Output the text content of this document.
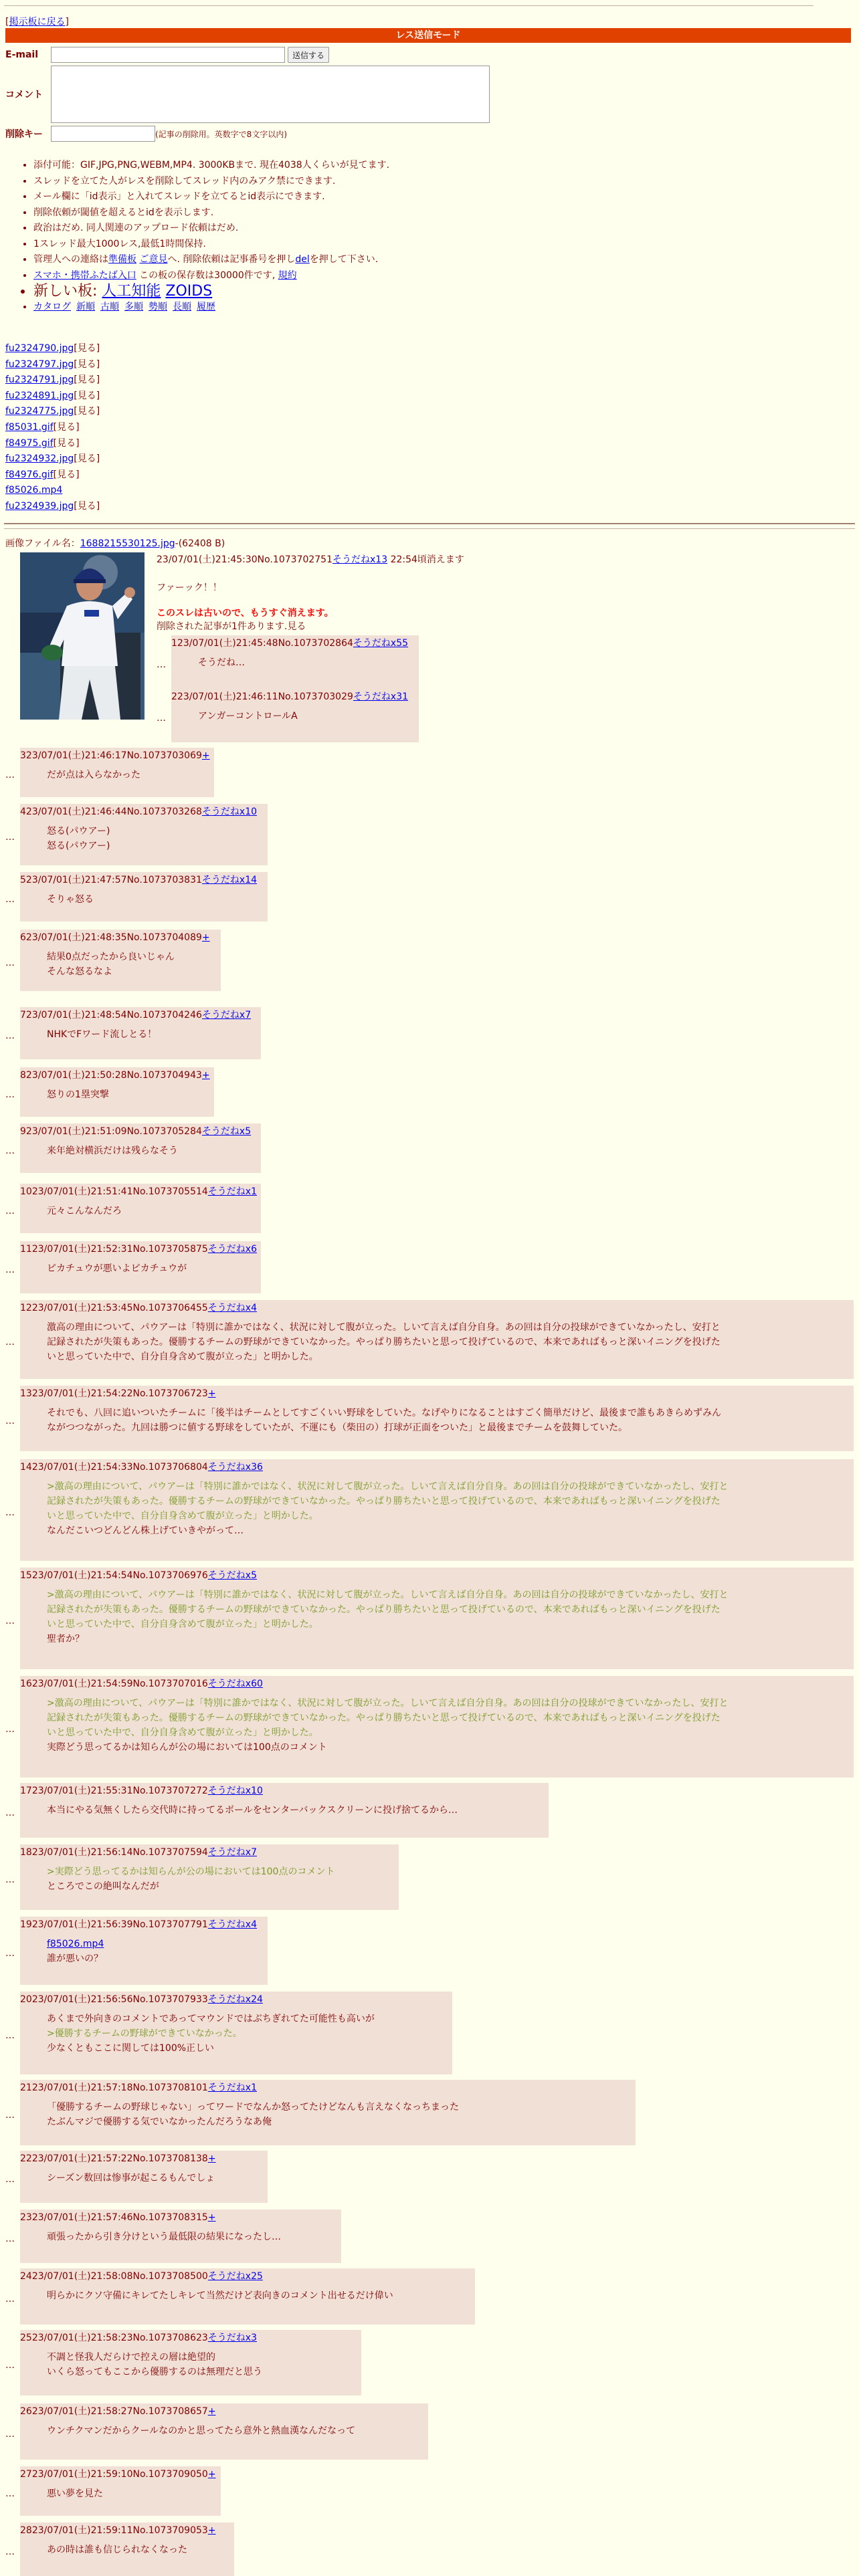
[掲示板に戻る]
レス送信モード
E-mail	送信する
コメント
削除キー	(記事の削除用。英数字で8文字以内)
• 添付可能：GIF,JPG,PNG,WEBM,MP4. 3000KBまで. 現在4038人くらいが見てます.
• スレッドを立てた人がレスを削除してスレッド内のみアク禁にできます.
• メール欄に「id表示」と入れてスレッドを立てるとid表示にできます.
• 削除依頼が閾値を超えるとidを表示します.
• 政治はだめ. 同人関連のアップロード依頼はだめ.
• 1スレッド最大1000レス,最低1時間保持.
• 管理人への連絡は準備板 ご意見へ. 削除依頼は記事番号を押しdelを押して下さい.
• スマホ・携帯ふたば入口 この板の保存数は30000件です, 規約
• 新しい板: 人工知能 ZOIDS
• カタログ 新順 古順 多順 勢順 長順 履歴
fu2324790.jpg[見る]
fu2324797.jpg[見る]
fu2324791.jpg[見る]
fu2324891.jpg[見る]
fu2324775.jpg[見る]
f85031.gif[見る]
f84975.gif[見る]
fu2324932.jpg[見る]
f84976.gif[見る]
f85026.mp4
fu2324939.jpg[見る]
画像ファイル名：1688215530125.jpg-(62408 B)
23/07/01(土)21:45:30No.1073702751そうだねx13 22:54頃消えます
ファーック！！
このスレは古いので、もうすぐ消えます。
削除された記事が1件あります.見る
123/07/01(土)21:45:48No.1073702864そうだねx55
そうだね…
…
223/07/01(土)21:46:11No.1073703029そうだねx31
アンガーコントロールA
…
323/07/01(土)21:46:17No.1073703069+
だが点は入らなかった
…
423/07/01(土)21:46:44No.1073703268そうだねx10
怒る(パウアー)
怒る(パウアー)
…
523/07/01(土)21:47:57No.1073703831そうだねx14
そりゃ怒る
…
623/07/01(土)21:48:35No.1073704089+
結果0点だったから良いじゃん
そんな怒るなよ
…
723/07/01(土)21:48:54No.1073704246そうだねx7
NHKでFワード流しとる！
…
823/07/01(土)21:50:28No.1073704943+
怒りの1塁突撃
…
923/07/01(土)21:51:09No.1073705284そうだねx5
来年絶対横浜だけは残らなそう
…
1023/07/01(土)21:51:41No.1073705514そうだねx1
元々こんなんだろ
…
1123/07/01(土)21:52:31No.1073705875そうだねx6
ピカチュウが悪いよピカチュウが
…
1223/07/01(土)21:53:45No.1073706455そうだねx4
激高の理由について、パウアーは「特別に誰かではなく、状況に対して腹が立った。しいて言えば自分自身。あの回は自分の投球ができていなかったし、安打と
記録されたが失策もあった。優勝するチームの野球ができていなかった。やっぱり勝ちたいと思って投げているので、本来であればもっと深いイニングを投げた
いと思っていた中で、自分自身含めて腹が立った」と明かした。
…
1323/07/01(土)21:54:22No.1073706723+
それでも、八回に追いついたチームに「後半はチームとしてすごくいい野球をしていた。なげやりになることはすごく簡単だけど、最後まで誰もあきらめずみん
ながつつながった。九回は勝つに値する野球をしていたが、不運にも（柴田の）打球が正面をついた」と最後までチームを鼓舞していた。
…
1423/07/01(土)21:54:33No.1073706804そうだねx36
>激高の理由について、パウアーは「特別に誰かではなく、状況に対して腹が立った。しいて言えば自分自身。あの回は自分の投球ができていなかったし、安打と
記録されたが失策もあった。優勝するチームの野球ができていなかった。やっぱり勝ちたいと思って投げているので、本来であればもっと深いイニングを投げた
いと思っていた中で、自分自身含めて腹が立った」と明かした。
なんだこいつどんどん株上げていきやがって…
…
1523/07/01(土)21:54:54No.1073706976そうだねx5
>激高の理由について、パウアーは「特別に誰かではなく、状況に対して腹が立った。しいて言えば自分自身。あの回は自分の投球ができていなかったし、安打と
記録されたが失策もあった。優勝するチームの野球ができていなかった。やっぱり勝ちたいと思って投げているので、本来であればもっと深いイニングを投げた
いと思っていた中で、自分自身含めて腹が立った」と明かした。
聖者か？
…
1623/07/01(土)21:54:59No.1073707016そうだねx60
>激高の理由について、パウアーは「特別に誰かではなく、状況に対して腹が立った。しいて言えば自分自身。あの回は自分の投球ができていなかったし、安打と
記録されたが失策もあった。優勝するチームの野球ができていなかった。やっぱり勝ちたいと思って投げているので、本来であればもっと深いイニングを投げた
いと思っていた中で、自分自身含めて腹が立った」と明かした。
実際どう思ってるかは知らんが公の場においては100点のコメント
…
1723/07/01(土)21:55:31No.1073707272そうだねx10
本当にやる気無くしたら交代時に持ってるボールをセンターバックスクリーンに投げ捨てるから…
…
1823/07/01(土)21:56:14No.1073707594そうだねx7
>実際どう思ってるかは知らんが公の場においては100点のコメント
ところでこの絶叫なんだが
…
1923/07/01(土)21:56:39No.1073707791そうだねx4
f85026.mp4
誰が悪いの？
…
2023/07/01(土)21:56:56No.1073707933そうだねx24
あくまで外向きのコメントであってマウンドではぶちぎれてた可能性も高いが
>優勝するチームの野球ができていなかった。
少なくともここに関しては100%正しい
…
2123/07/01(土)21:57:18No.1073708101そうだねx1
「優勝するチームの野球じゃない」ってワードでなんか怒ってたけどなんも言えなくなっちまった
たぶんマジで優勝する気でいなかったんだろうなあ俺
…
2223/07/01(土)21:57:22No.1073708138+
シーズン数回は惨事が起こるもんでしょ
…
2323/07/01(土)21:57:46No.1073708315+
頑張ったから引き分けという最低限の結果になったし…
…
2423/07/01(土)21:58:08No.1073708500そうだねx25
明らかにクソ守備にキレてたしキレて当然だけど表向きのコメント出せるだけ偉い
…
2523/07/01(土)21:58:23No.1073708623そうだねx3
不調と怪我人だらけで控えの層は絶望的
いくら怒ってもここから優勝するのは無理だと思う
…
2623/07/01(土)21:58:27No.1073708657+
ウンチクマンだからクールなのかと思ってたら意外と熱血漢なんだなって
…
2723/07/01(土)21:59:10No.1073709050+
悪い夢を見た
…
2823/07/01(土)21:59:11No.1073709053+
あの時は誰も信じられなくなった
…
